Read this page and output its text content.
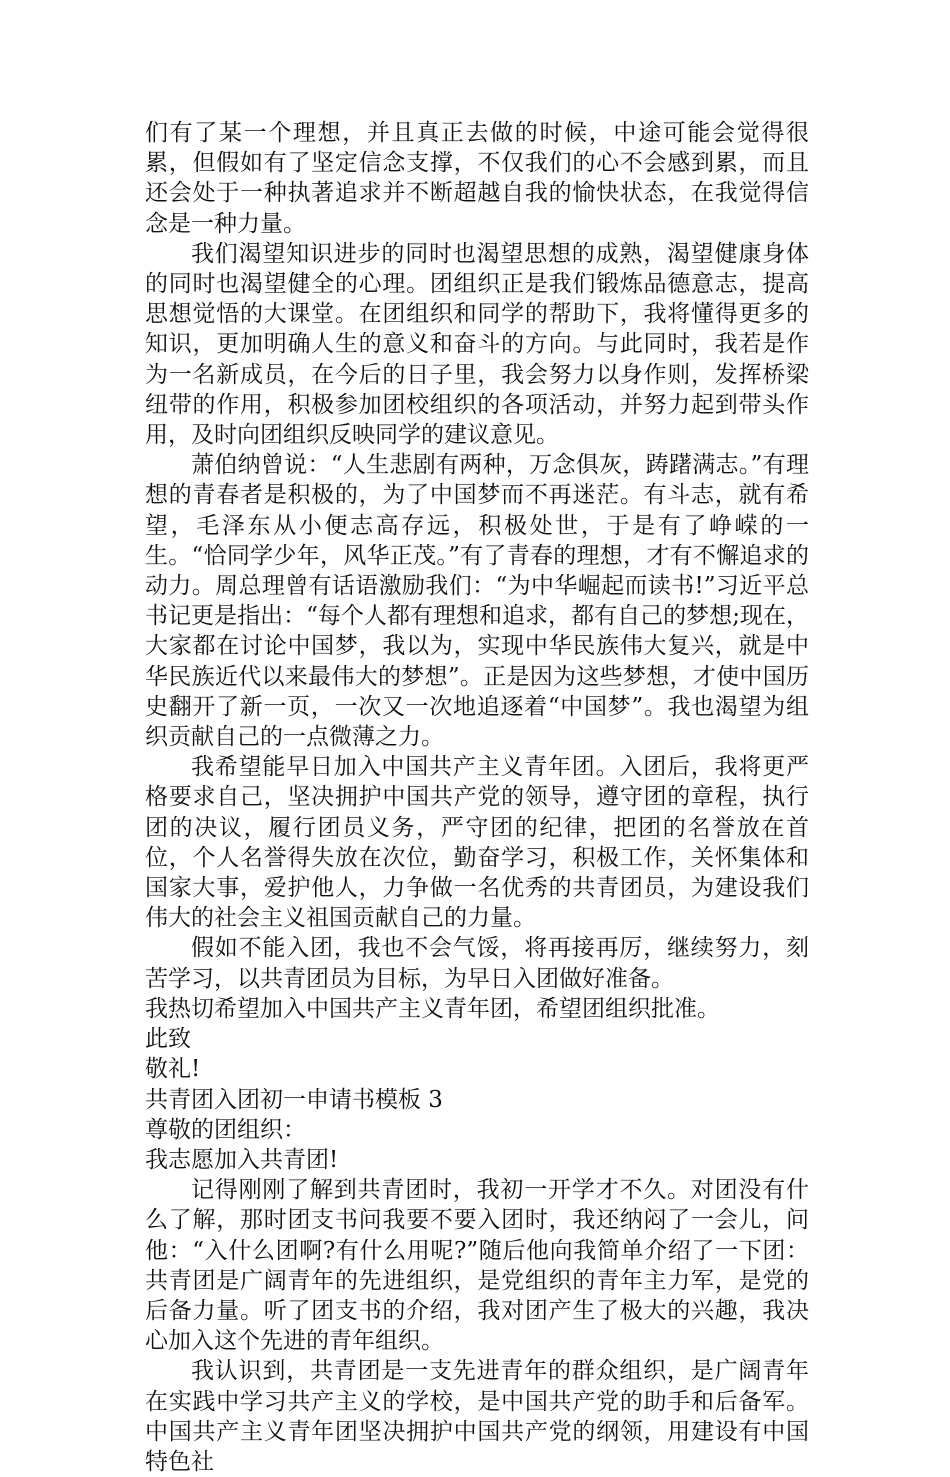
们有了某一个理想，并且真正去做的时候，中途可能会觉得很累，但假如有了坚定信念支撑，不仅我们的心不会感到累，而且还会处于一种执著追求并不断超越自我的愉快状态，在我觉得信念是一种力量。

我们渴望知识进步的同时也渴望思想的成熟，渴望健康身体的同时也渴望健全的心理。团组织正是我们锻炼品德意志，提高思想觉悟的大课堂。在团组织和同学的帮助下，我将懂得更多的知识，更加明确人生的意义和奋斗的方向。与此同时，我若是作为一名新成员，在今后的日子里，我会努力以身作则，发挥桥梁纽带的作用，积极参加团校组织的各项活动，并努力起到带头作用，及时向团组织反映同学的建议意见。

萧伯纳曾说：“人生悲剧有两种，万念俱灰，踌躇满志。”有理想的青春者是积极的，为了中国梦而不再迷茫。有斗志，就有希望，毛泽东从小便志高存远，积极处世，于是有了峥嵘的一生。“恰同学少年，风华正茂。”有了青春的理想，才有不懈追求的动力。周总理曾有话语激励我们：“为中华崛起而读书!”习近平总书记更是指出：“每个人都有理想和追求，都有自己的梦想;现在，大家都在讨论中国梦，我以为，实现中华民族伟大复兴，就是中华民族近代以来最伟大的梦想”。正是因为这些梦想，才使中国历史翻开了新一页，一次又一次地追逐着“中国梦”。我也渴望为组织贡献自己的一点微薄之力。

我希望能早日加入中国共产主义青年团。入团后，我将更严格要求自己，坚决拥护中国共产党的领导，遵守团的章程，执行团的决议，履行团员义务，严守团的纪律，把团的名誉放在首位，个人名誉得失放在次位，勤奋学习，积极工作，关怀集体和国家大事，爱护他人，力争做一名优秀的共青团员，为建设我们伟大的社会主义祖国贡献自己的力量。

假如不能入团，我也不会气馁，将再接再厉，继续努力，刻苦学习，以共青团员为目标，为早日入团做好准备。

我热切希望加入中国共产主义青年团，希望团组织批准。

此致

敬礼!

共青团入团初一申请书模板 3

尊敬的团组织：

我志愿加入共青团!

记得刚刚了解到共青团时，我初一开学才不久。对团没有什么了解，那时团支书问我要不要入团时，我还纳闷了一会儿，问他：“入什么团啊?有什么用呢?”随后他向我简单介绍了一下团：共青团是广阔青年的先进组织，是党组织的青年主力军，是党的后备力量。听了团支书的介绍，我对团产生了极大的兴趣，我决心加入这个先进的青年组织。

我认识到，共青团是一支先进青年的群众组织，是广阔青年在实践中学习共产主义的学校，是中国共产党的助手和后备军。中国共产主义青年团坚决拥护中国共产党的纲领，用建设有中国特色社
